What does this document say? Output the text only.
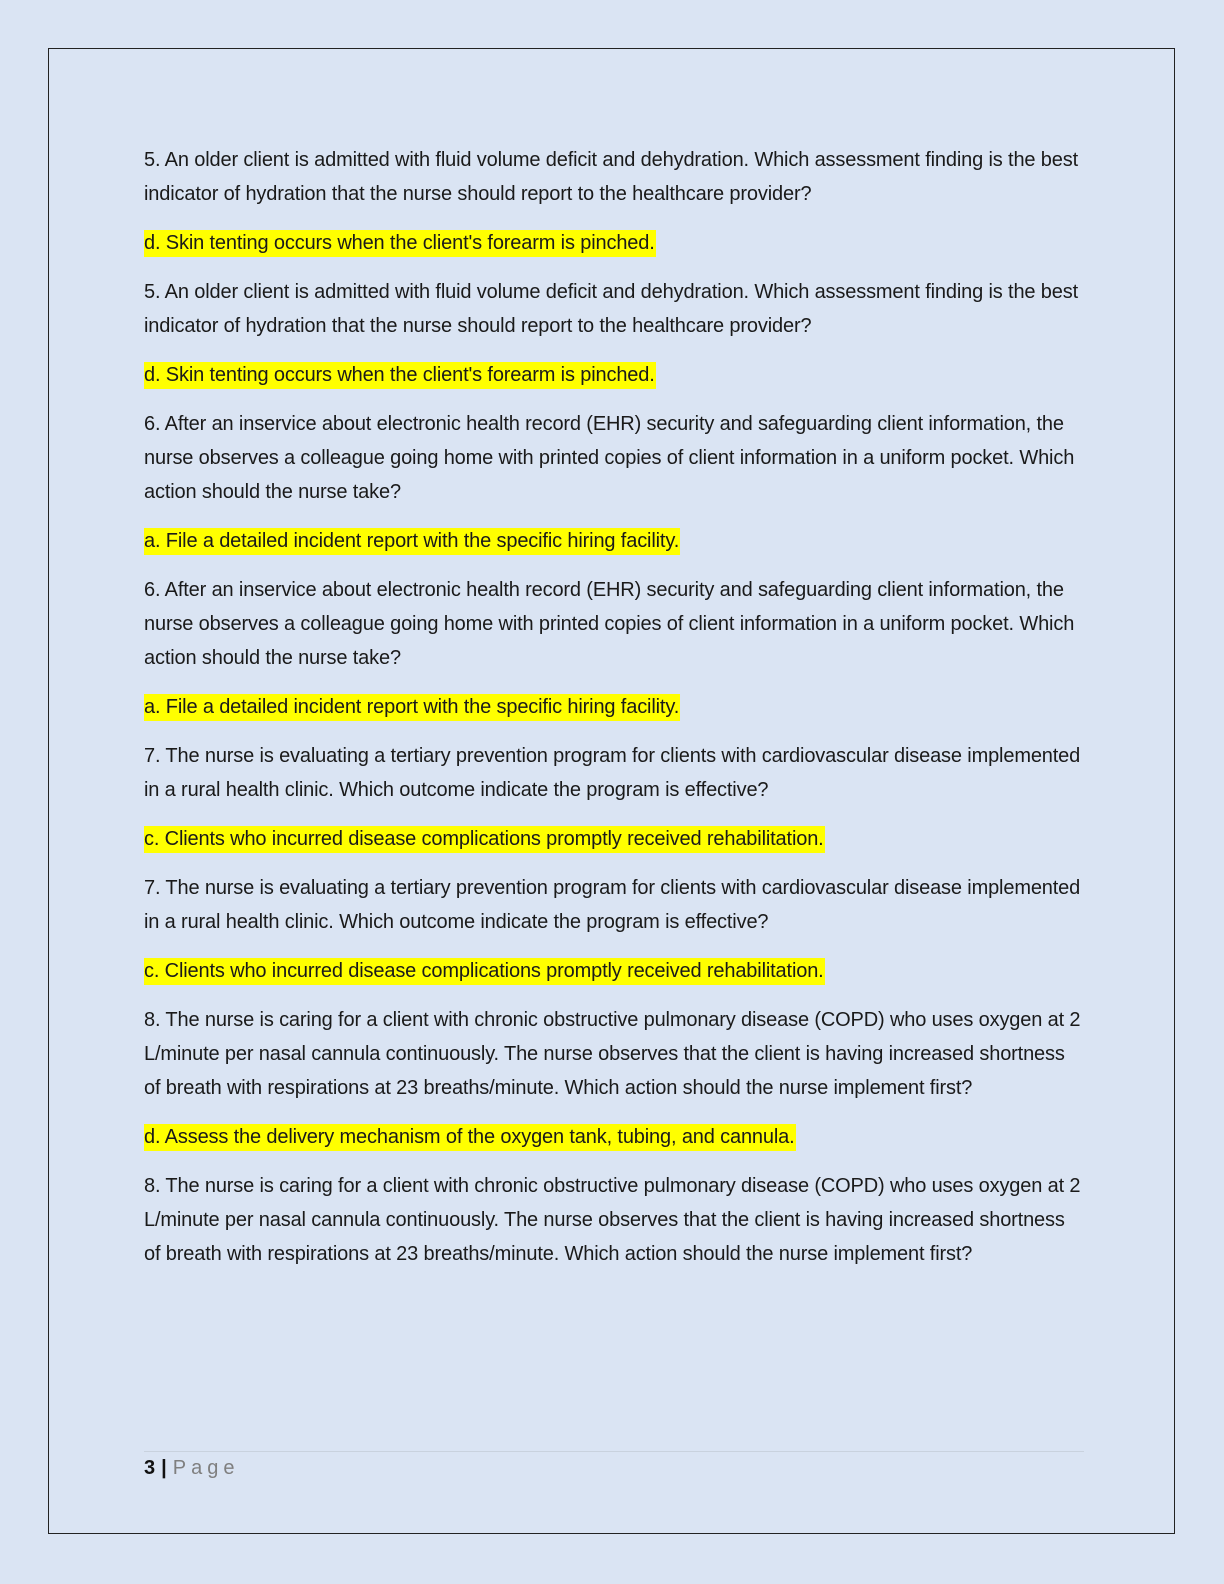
5. An older client is admitted with fluid volume deficit and dehydration. Which assessment finding is the best indicator of hydration that the nurse should report to the healthcare provider?

d. Skin tenting occurs when the client's forearm is pinched.

5. An older client is admitted with fluid volume deficit and dehydration. Which assessment finding is the best indicator of hydration that the nurse should report to the healthcare provider?

d. Skin tenting occurs when the client's forearm is pinched.

6. After an inservice about electronic health record (EHR) security and safeguarding client information, the nurse observes a colleague going home with printed copies of client information in a uniform pocket. Which action should the nurse take?

a. File a detailed incident report with the specific hiring facility.

6. After an inservice about electronic health record (EHR) security and safeguarding client information, the nurse observes a colleague going home with printed copies of client information in a uniform pocket. Which action should the nurse take?

a. File a detailed incident report with the specific hiring facility.

7. The nurse is evaluating a tertiary prevention program for clients with cardiovascular disease implemented in a rural health clinic. Which outcome indicate the program is effective?

c. Clients who incurred disease complications promptly received rehabilitation.

7. The nurse is evaluating a tertiary prevention program for clients with cardiovascular disease implemented in a rural health clinic. Which outcome indicate the program is effective?

c. Clients who incurred disease complications promptly received rehabilitation.

8. The nurse is caring for a client with chronic obstructive pulmonary disease (COPD) who uses oxygen at 2 L/minute per nasal cannula continuously. The nurse observes that the client is having increased shortness of breath with respirations at 23 breaths/minute. Which action should the nurse implement first?

d. Assess the delivery mechanism of the oxygen tank, tubing, and cannula.

8. The nurse is caring for a client with chronic obstructive pulmonary disease (COPD) who uses oxygen at 2 L/minute per nasal cannula continuously. The nurse observes that the client is having increased shortness of breath with respirations at 23 breaths/minute. Which action should the nurse implement first?

3 | Page
